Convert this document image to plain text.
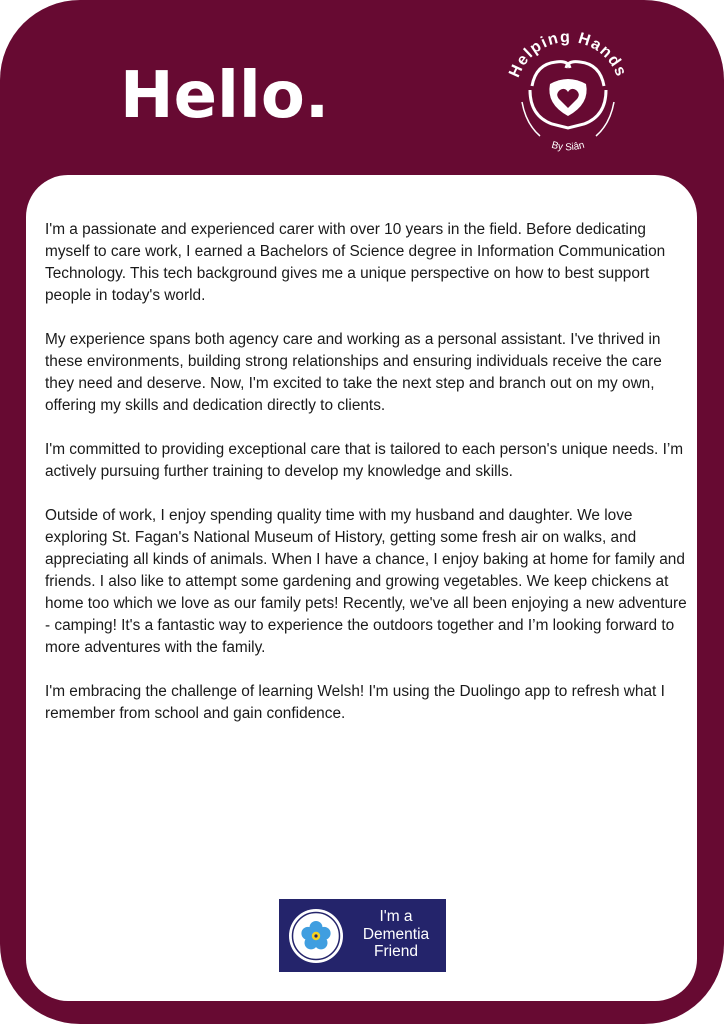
Hello.	Helping Hands
By Siân

I'm a passionate and experienced carer with over 10 years in the field. Before dedicating myself to care work, I earned a Bachelors of Science degree in Information Communication Technology. This tech background gives me a unique perspective on how to best support people in today's world.

My experience spans both agency care and working as a personal assistant. I've thrived in these environments, building strong relationships and ensuring individuals receive the care they need and deserve. Now, I'm excited to take the next step and branch out on my own, offering my skills and dedication directly to clients.

I'm committed to providing exceptional care that is tailored to each person's unique needs. I’m actively pursuing further training to develop my knowledge and skills.

Outside of work, I enjoy spending quality time with my husband and daughter. We love exploring St. Fagan's National Museum of History, getting some fresh air on walks, and appreciating all kinds of animals. When I have a chance, I enjoy baking at home for family and friends. I also like to attempt some gardening and growing vegetables. We keep chickens at home too which we love as our family pets! Recently, we've all been enjoying a new adventure - camping! It's a fantastic way to experience the outdoors together and I’m looking forward to more adventures with the family.

I'm embracing the challenge of learning Welsh! I'm using the Duolingo app to refresh what I remember from school and gain confidence.

I'm a
Dementia
Friend
